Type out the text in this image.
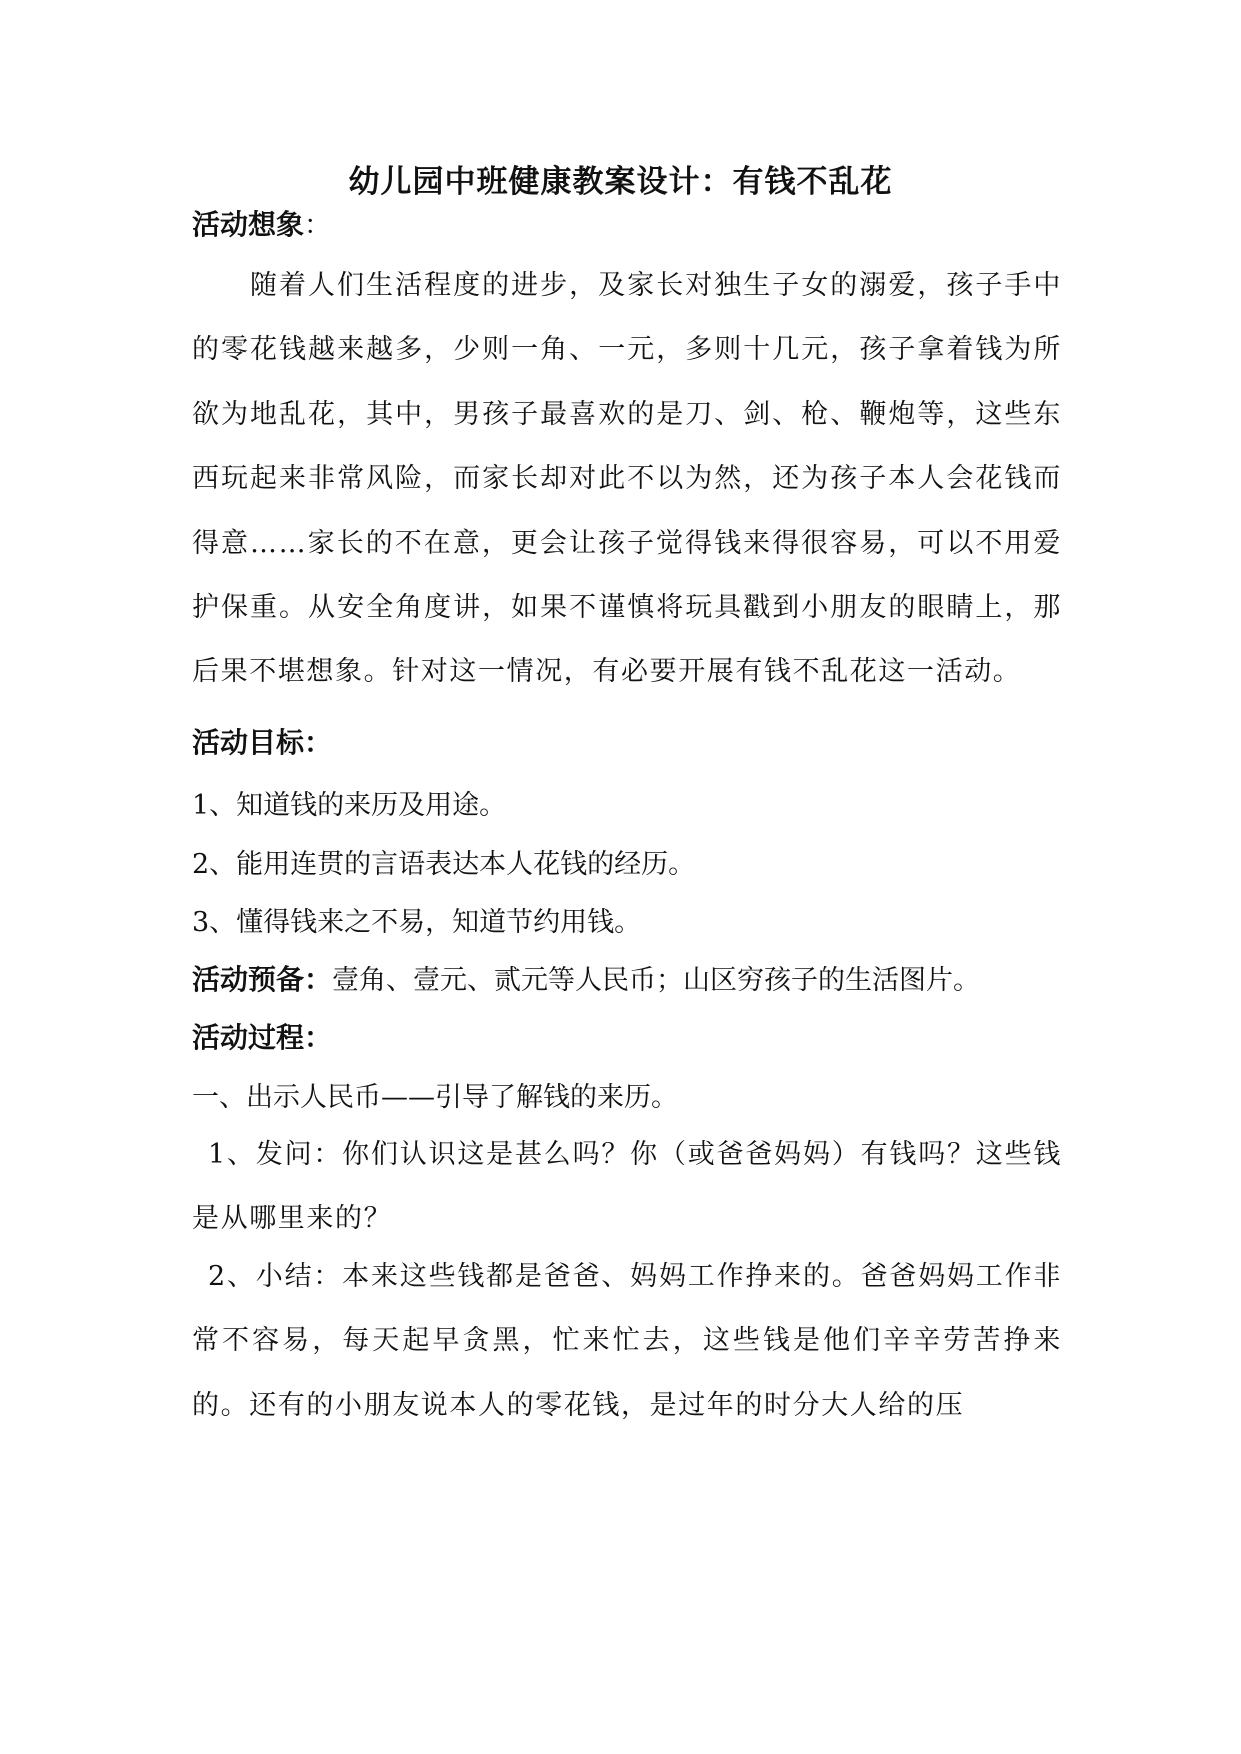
幼儿园中班健康教案设计：有钱不乱花
活动想象：

随着人们生活程度的进步，及家长对独生子女的溺爱，孩子手中的零花钱越来越多，少则一角、一元，多则十几元，孩子拿着钱为所欲为地乱花，其中，男孩子最喜欢的是刀、剑、枪、鞭炮等，这些东西玩起来非常风险，而家长却对此不以为然，还为孩子本人会花钱而得意……家长的不在意，更会让孩子觉得钱来得很容易，可以不用爱护保重。从安全角度讲，如果不谨慎将玩具戳到小朋友的眼睛上，那后果不堪想象。针对这一情况，有必要开展有钱不乱花这一活动。

活动目标：
1、知道钱的来历及用途。
2、能用连贯的言语表达本人花钱的经历。
3、懂得钱来之不易，知道节约用钱。
活动预备：壹角、壹元、贰元等人民币；山区穷孩子的生活图片。
活动过程：
一、出示人民币——引导了解钱的来历。

1、发问：你们认识这是甚么吗？你（或爸爸妈妈）有钱吗？这些钱是从哪里来的？

2、小结：本来这些钱都是爸爸、妈妈工作挣来的。爸爸妈妈工作非常不容易，每天起早贪黑，忙来忙去，这些钱是他们辛辛劳苦挣来的。还有的小朋友说本人的零花钱，是过年的时分大人给的压
